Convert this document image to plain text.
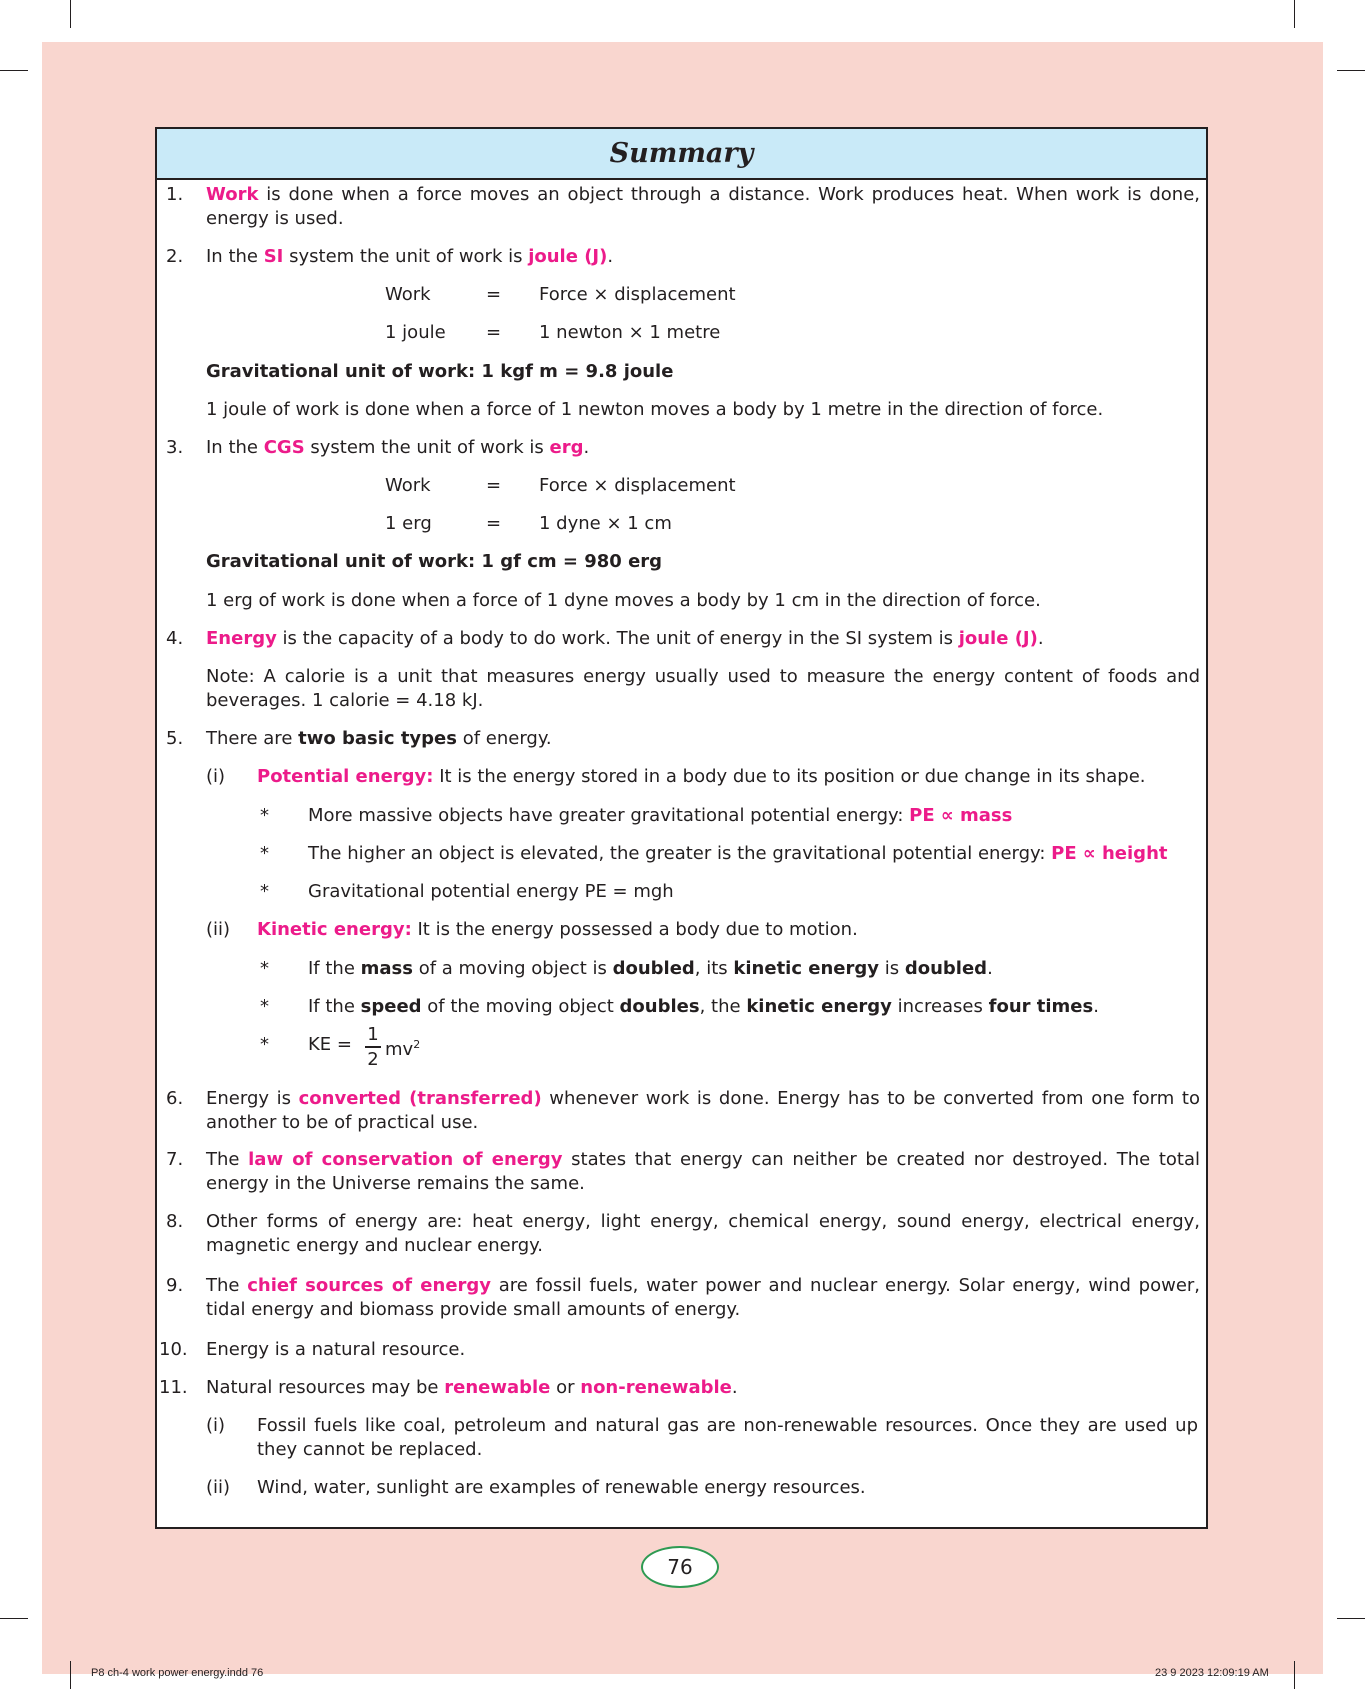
Summary
1. Work is done when a force moves an object through a distance. Work produces heat. When work is done, energy is used.
2. In the SI system the unit of work is joule (J).
Work	= Force × displacement
1 joule = 1 newton × 1 metre
Gravitational unit of work: 1 kgf m = 9.8 joule
1 joule of work is done when a force of 1 newton moves a body by 1 metre in the direction of force.
3. In the CGS system the unit of work is erg.
Work	= Force × displacement
1 erg	= 1 dyne × 1 cm
Gravitational unit of work: 1 gf cm = 980 erg
1 erg of work is done when a force of 1 dyne moves a body by 1 cm in the direction of force.
4. Energy is the capacity of a body to do work. The unit of energy in the SI system is joule (J).
Note: A calorie is a unit that measures energy usually used to measure the energy content of foods and beverages. 1 calorie = 4.18 kJ.
5. There are two basic types of energy.
(i) Potential energy: It is the energy stored in a body due to its position or due change in its shape.
* More massive objects have greater gravitational potential energy: PE ∝ mass
* The higher an object is elevated, the greater is the gravitational potential energy: PE ∝ height
* Gravitational potential energy PE = mgh
(ii) Kinetic energy: It is the energy possessed a body due to motion.
* If the mass of a moving object is doubled, its kinetic energy is doubled.
* If the speed of the moving object doubles, the kinetic energy increases four times.
* KE = 1
2 $mv^2$
6. Energy is converted (transferred) whenever work is done. Energy has to be converted from one form to another to be of practical use.
7. The law of conservation of energy states that energy can neither be created nor destroyed. The total energy in the Universe remains the same.
8. Other forms of energy are: heat energy, light energy, chemical energy, sound energy, electrical energy, magnetic energy and nuclear energy.
9. The chief sources of energy are fossil fuels, water power and nuclear energy. Solar energy, wind power, tidal energy and biomass provide small amounts of energy.
10. Energy is a natural resource.
11. Natural resources may be renewable or non-renewable.
(i) Fossil fuels like coal, petroleum and natural gas are non-renewable resources. Once they are used up they cannot be replaced.
(ii) Wind, water, sunlight are examples of renewable energy resources.
76
P8 ch-4 work power energy.indd 76	23 9 2023 12:09:19 AM
